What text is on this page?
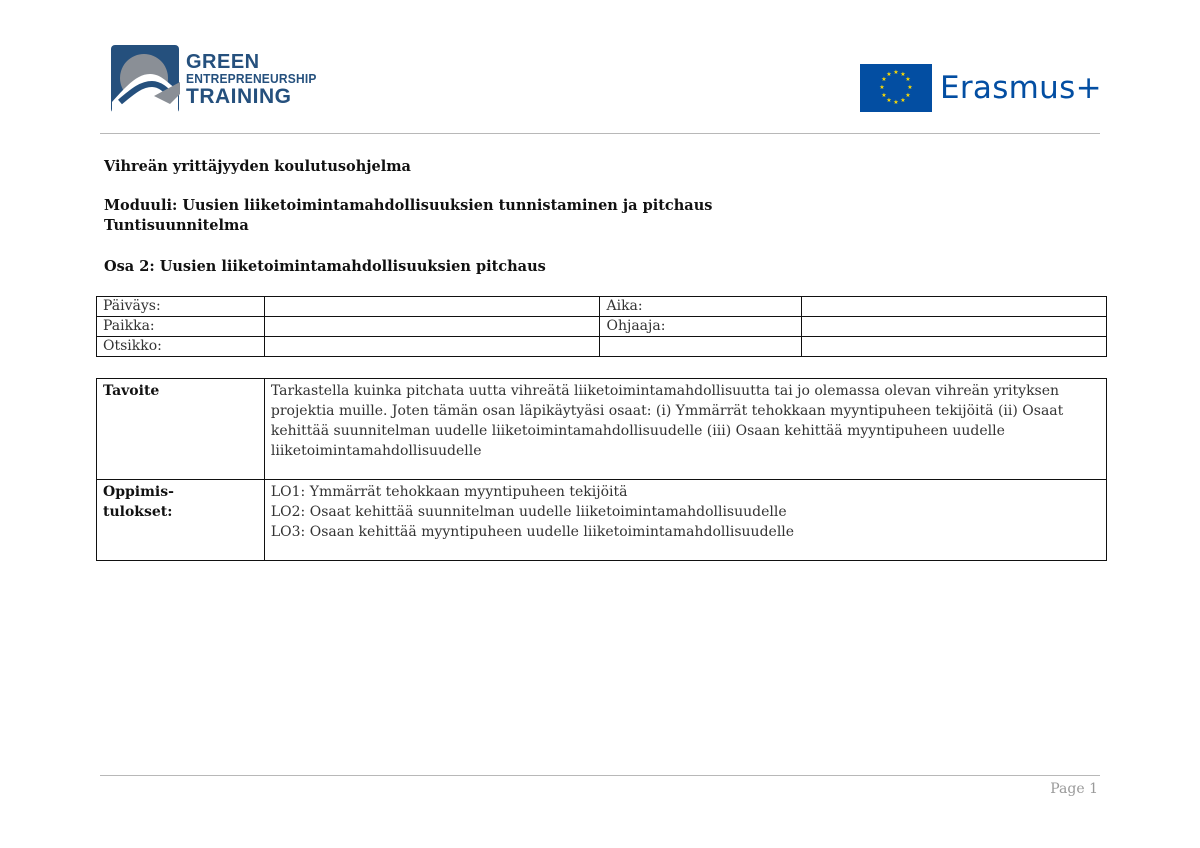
GREEN
ENTREPRENEURSHIP
TRAINING
★ ★
★
★
★
★
★
★
★
★
★
★ Erasmus+
Vihreän yrittäjyyden koulutusohjelma
Moduuli: Uusien liiketoimintamahdollisuuksien tunnistaminen ja pitchaus
Tuntisuunnitelma
Osa 2: Uusien liiketoimintamahdollisuuksien pitchaus
Päiväys:		Aika:	
Paikka:		Ohjaaja:	
Otsikko:			
Tavoite	Tarkastella kuinka pitchata uutta vihreätä liiketoimintamahdollisuutta tai jo olemassa olevan vihreän yrityksen projektia muille. Joten tämän osan läpikäytyäsi osaat: (i) Ymmärrät tehokkaan myyntipuheen tekijöitä (ii) Osaat kehittää suunnitelman uudelle liiketoimintamahdollisuudelle (iii) Osaan kehittää myyntipuheen uudelle liiketoimintamahdollisuudelle

Oppimis-
tulokset:	LO1: Ymmärrät tehokkaan myyntipuheen tekijöitä
LO2: Osaat kehittää suunnitelman uudelle liiketoimintamahdollisuudelle
LO3: Osaan kehittää myyntipuheen uudelle liiketoimintamahdollisuudelle
Page 1
